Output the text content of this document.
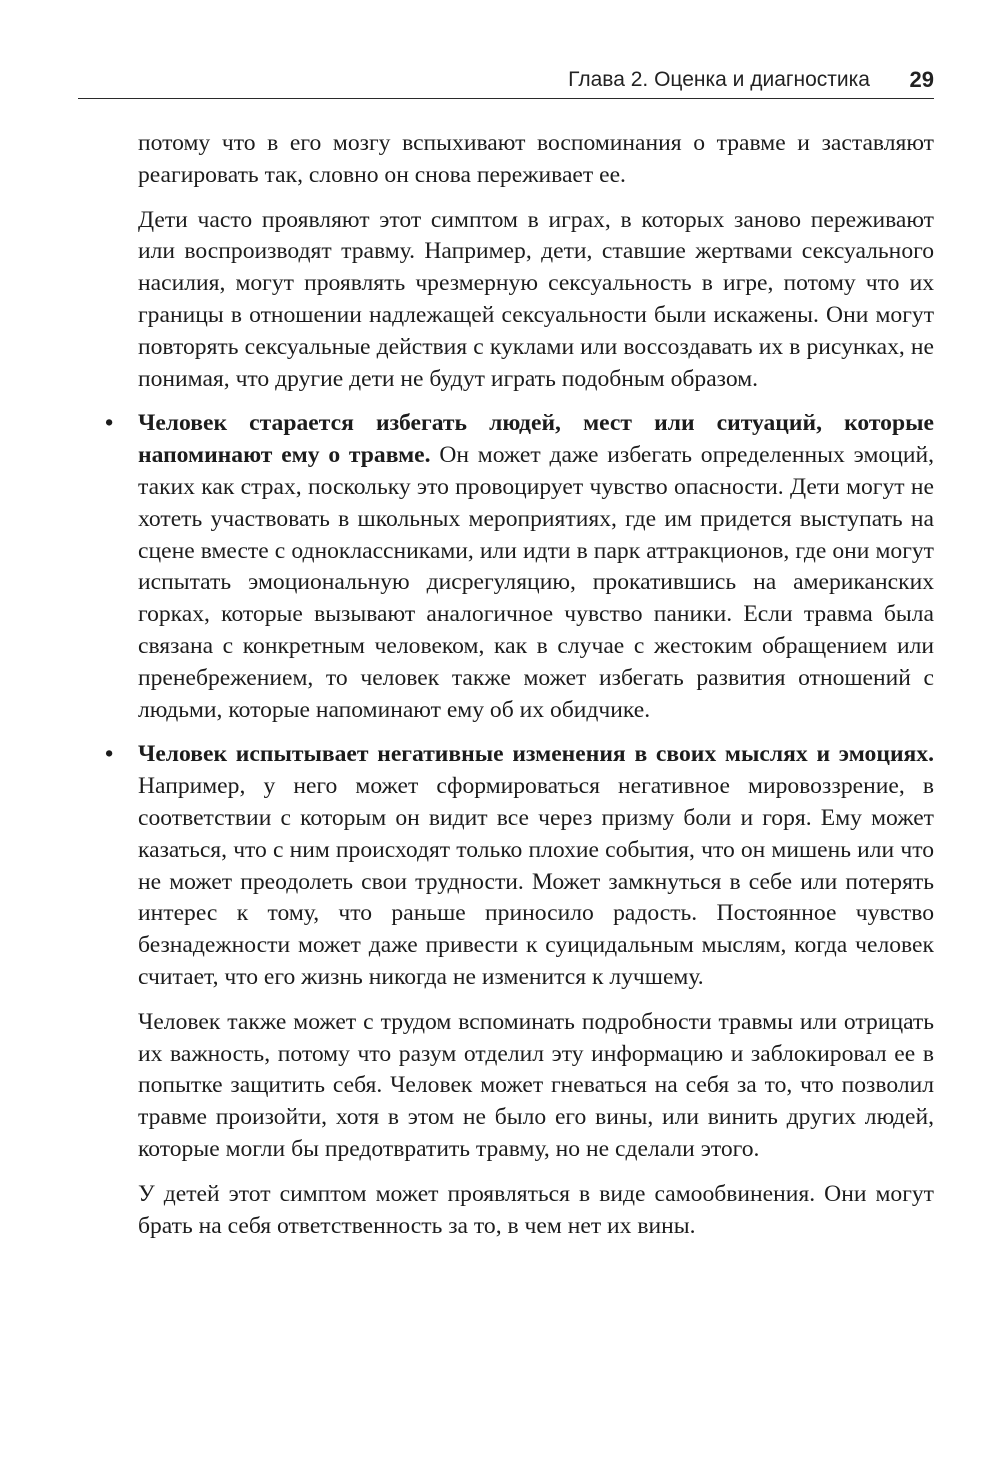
Глава 2. Оценка и диагностика 29

потому что в его мозгу вспыхивают воспоминания о травме и заставляют реагировать так, словно он снова переживает ее.

Дети часто проявляют этот симптом в играх, в которых заново переживают или воспроизводят травму. Например, дети, ставшие жертвами сексуального насилия, могут проявлять чрезмерную сексуальность в игре, потому что их границы в отношении надлежащей сексуальности были искажены. Они могут повторять сексуальные действия с куклами или воссоздавать их в рисунках, не понимая, что другие дети не будут играть подобным образом.

• Человек старается избегать людей, мест или ситуаций, которые напоминают ему о травме. Он может даже избегать определенных эмоций, таких как страх, поскольку это провоцирует чувство опасности. Дети могут не хотеть участвовать в школьных мероприятиях, где им придется выступать на сцене вместе с одноклассниками, или идти в парк аттракционов, где они могут испытать эмоциональную дисрегуляцию, прокатившись на американских горках, которые вызывают аналогичное чувство паники. Если травма была связана с конкретным человеком, как в случае с жестоким обращением или пренебрежением, то человек также может избегать развития отношений с людьми, которые напоминают ему об их обидчике.

• Человек испытывает негативные изменения в своих мыслях и эмоциях. Например, у него может сформироваться негативное мировоззрение, в соответствии с которым он видит все через призму боли и горя. Ему может казаться, что с ним происходят только плохие события, что он мишень или что не может преодолеть свои трудности. Может замкнуться в себе или потерять интерес к тому, что раньше приносило радость. Постоянное чувство безнадежности может даже привести к суицидальным мыслям, когда человек считает, что его жизнь никогда не изменится к лучшему.

Человек также может с трудом вспоминать подробности травмы или отрицать их важность, потому что разум отделил эту информацию и заблокировал ее в попытке защитить себя. Человек может гневаться на себя за то, что позволил травме произойти, хотя в этом не было его вины, или винить других людей, которые могли бы предотвратить травму, но не сделали этого.

У детей этот симптом может проявляться в виде самообвинения. Они могут брать на себя ответственность за то, в чем нет их вины.
